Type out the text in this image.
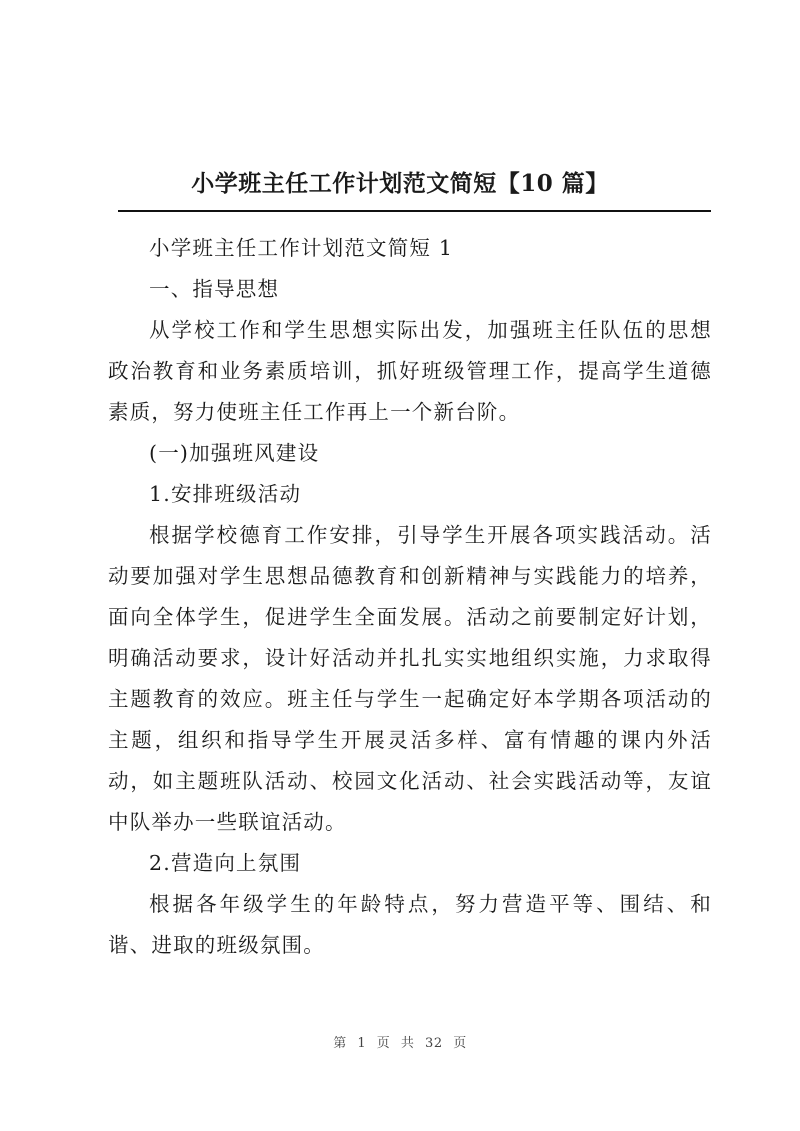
小学班主任工作计划范文简短【10 篇】

小学班主任工作计划范文简短 1

一、指导思想

从学校工作和学生思想实际出发，加强班主任队伍的思想政治教育和业务素质培训，抓好班级管理工作，提高学生道德素质，努力使班主任工作再上一个新台阶。

(一)加强班风建设

1.安排班级活动

根据学校德育工作安排，引导学生开展各项实践活动。活动要加强对学生思想品德教育和创新精神与实践能力的培养，面向全体学生，促进学生全面发展。活动之前要制定好计划，明确活动要求，设计好活动并扎扎实实地组织实施，力求取得主题教育的效应。班主任与学生一起确定好本学期各项活动的主题，组织和指导学生开展灵活多样、富有情趣的课内外活动，如主题班队活动、校园文化活动、社会实践活动等，友谊中队举办一些联谊活动。

2.营造向上氛围

根据各年级学生的年龄特点，努力营造平等、围结、和谐、进取的班级氛围。

第 1 页 共 32 页
